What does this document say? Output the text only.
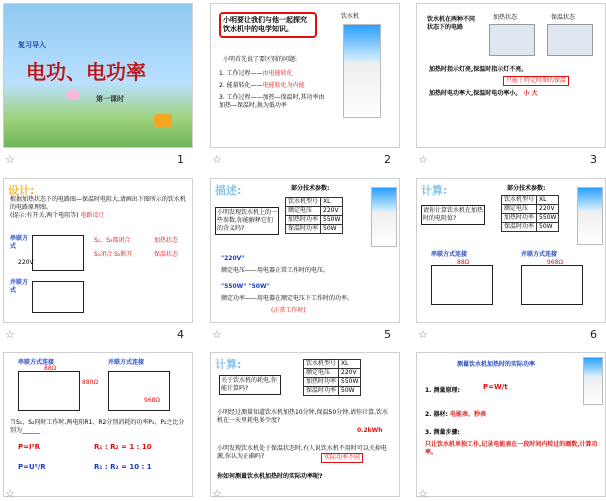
复习导入
电功、电功率
第一课时
☆	1
小明要让我们与他一起探究饮水机中的电学知识。
饮水机
小明首先说了要区别的问题:
1. 工作过程——由电能转化
2. 能量转化——电能转化为内能
3. 工作过程——加热—保温时,其功率由加热—保温时,换为低功率
☆	2
饮水机在两种不同状态下的电路
加热状态	保温状态
加热时指示灯亮,保温时指示灯不亮。
只能于特定时期的保温
加热时电功率大,保温时电功率小。 小 大
☆	3
设计:
根据加热状态下的电路图—保温时电阻大,请画出下图所示的饮水机的电路原理图。
(提示:有开关,两个电阻等) 电路设计
串联方式
并联方式
S₁、S₂都闭合
S₁闭合 S₂断开
加热状态
保温状态
220V
☆	4
描述:	部分技术参数:
饮水机型号	XL
额定电压	220V
加热时功率	550W
保温时功率	50W
小明发现饮水机上的一些参数,你能解释它们的含义吗?
"220V"
额定电压——用电器正常工作时的电压。
"550W" "50W"
额定功率——用电器在额定电压下工作时的功率。
(正常工作时)
☆	5
计算:	部分技术参数:
饮水机型号	XL
额定电压	220V
加热时功率	550W
保温时功率	50W
请你计算饮水机在加热时的电阻值?
串联方式连接	并联方式连接
88Ω	968Ω
☆	6
串联方式连接	并联方式连接
88Ω
880Ω
968Ω
当S₁、S₂同时工作时,两电阻R1、R2分别消耗的功率P₁、P₂之比分别为______
P=I²R	R₁ : R₂ = 1 : 10
P=U²/R	R₁ : R₂ = 10 : 1
☆
计算:	饮水机型号	XL
额定电压	220V
加热时功率	550W
保温时功率	50W
关于饮水机的耗电,你能计算吗?
小明经过测量知道饮水机加热10分钟,保温50分钟,请你计算,饮水机在一天里耗电多少度?
0.2kWh
小明发现饮水机处于保温状态时,有人说饮水机不用时可以关掉电源,你认为正确吗?	实际功率不同
你如何测量饮水机加热时的实际功率呢?
☆
测量饮水机加热时的实际功率
1. 测量原理:	P=W/t
2. 器材: 电能表、秒表
3. 测量步骤:
只让饮水机单独工作,记录电能表在一段时间内转过的圈数,计算功率。
☆
